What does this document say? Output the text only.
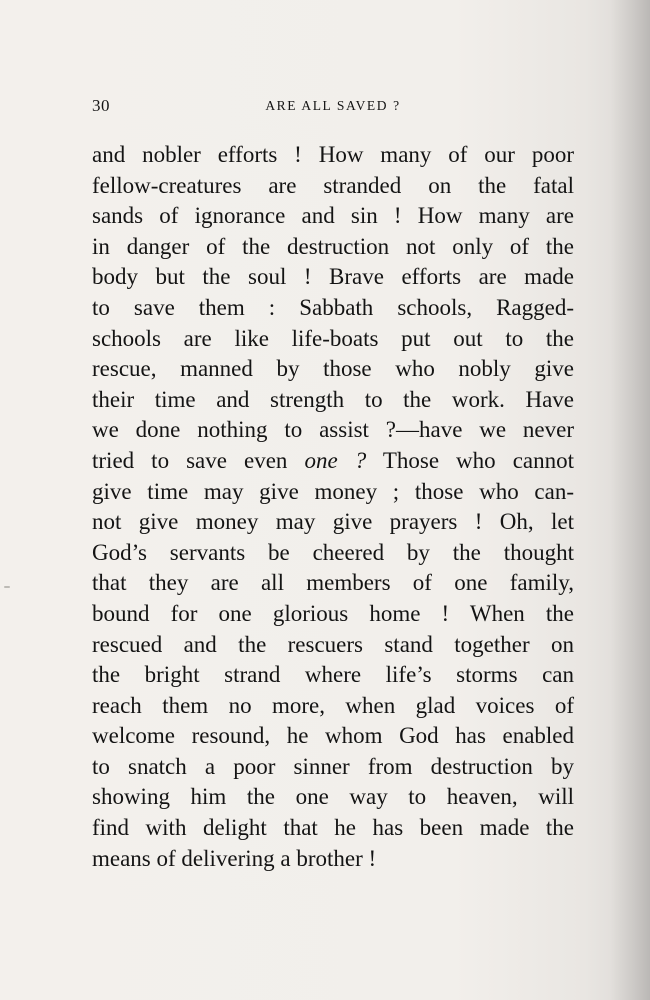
30	ARE ALL SAVED ?
and nobler efforts ! How many of our poor
fellow-creatures are stranded on the fatal
sands of ignorance and sin ! How many are
in danger of the destruction not only of the
body but the soul ! Brave efforts are made
to save them : Sabbath schools, Ragged-
schools are like life-boats put out to the
rescue, manned by those who nobly give
their time and strength to the work. Have
we done nothing to assist ?—have we never
tried to save even one ? Those who cannot
give time may give money ; those who can-
not give money may give prayers ! Oh, let
God’s servants be cheered by the thought
that they are all members of one family,
bound for one glorious home ! When the
rescued and the rescuers stand together on
the bright strand where life’s storms can
reach them no more, when glad voices of
welcome resound, he whom God has enabled
to snatch a poor sinner from destruction by
showing him the one way to heaven, will
find with delight that he has been made the
means of delivering a brother !
